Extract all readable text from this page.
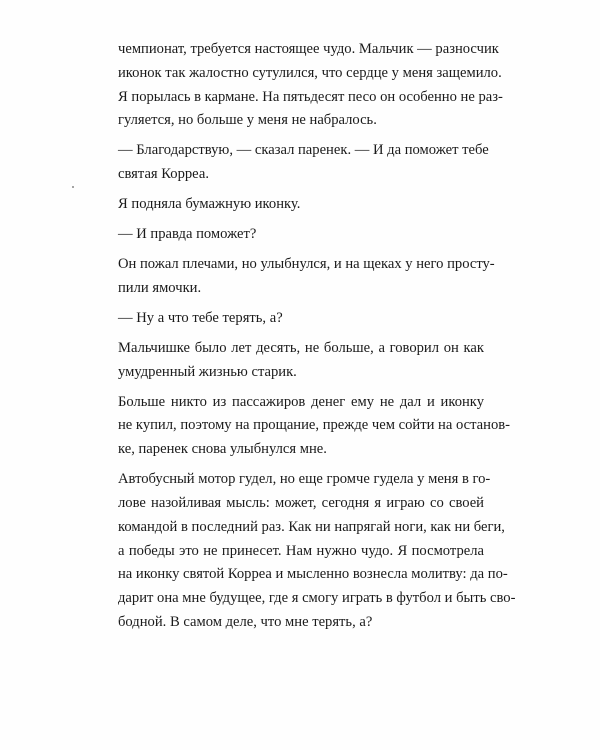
чемпионат, требуется настоящее чудо. Мальчик — разносчик
иконок так жалостно сутулился, что сердце у меня защемило.
Я порылась в кармане. На пятьдесят песо он особенно не раз-
гуляется, но больше у меня не набралось.

— Благодарствую, — сказал паренек. — И да поможет тебе
святая Корреа.

Я подняла бумажную иконку.

— И правда поможет?

Он пожал плечами, но улыбнулся, и на щеках у него просту-
пили ямочки.

— Ну а что тебе терять, а?

Мальчишке было лет десять, не больше, а говорил он как
умудренный жизнью старик.

Больше никто из пассажиров денег ему не дал и иконку
не купил, поэтому на прощание, прежде чем сойти на останов-
ке, паренек снова улыбнулся мне.

Автобусный мотор гудел, но еще громче гудела у меня в го-
лове назойливая мысль: может, сегодня я играю со своей
командой в последний раз. Как ни напрягай ноги, как ни беги,
а победы это не принесет. Нам нужно чудо. Я посмотрела
на иконку святой Корреа и мысленно вознесла молитву: да по-
дарит она мне будущее, где я смогу играть в футбол и быть сво-
бодной. В самом деле, что мне терять, а?
